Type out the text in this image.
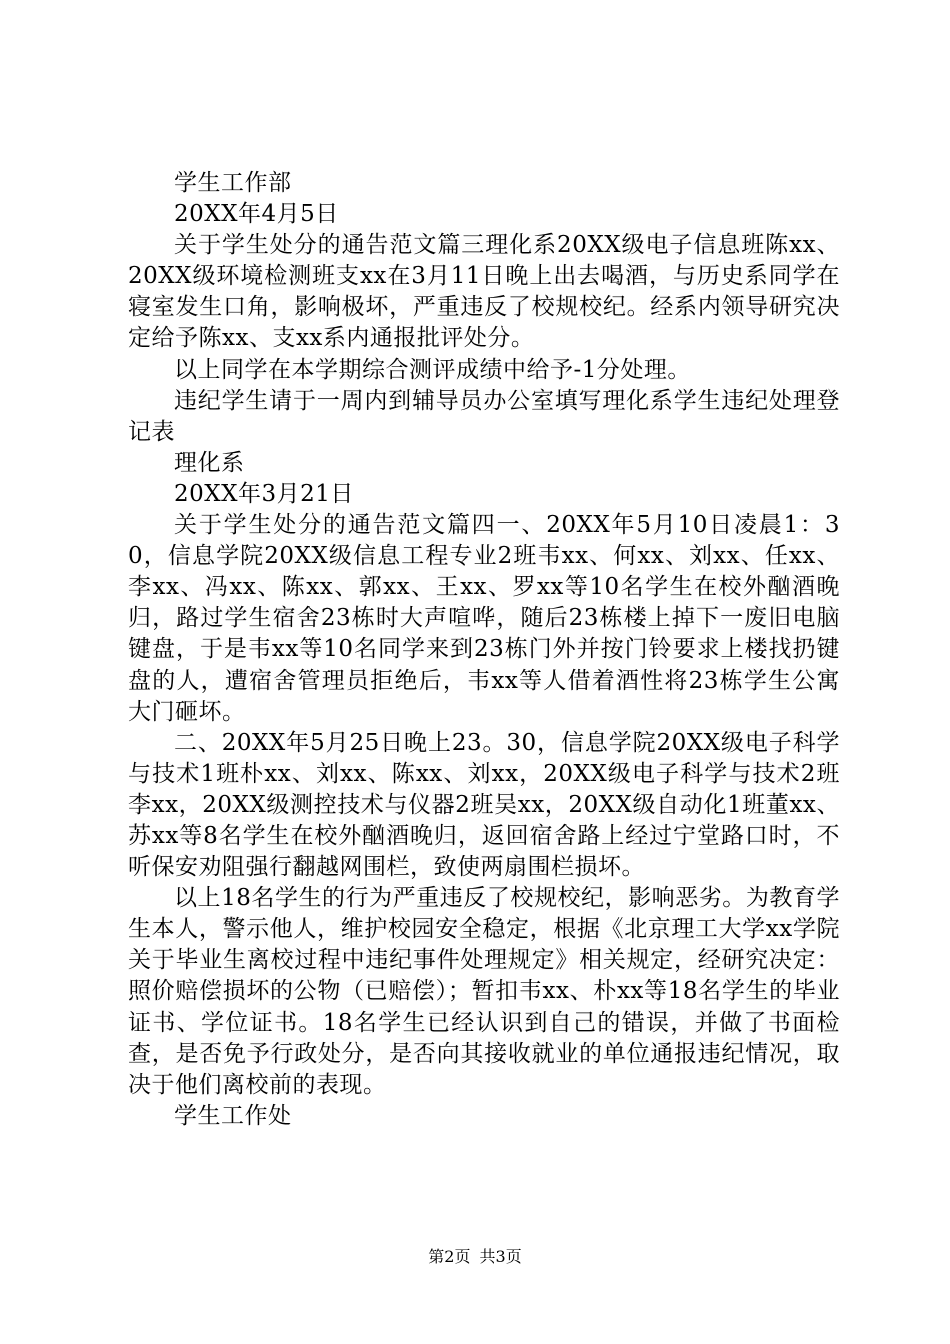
学生工作部

20XX年4月5日

关于学生处分的通告范文篇三理化系20XX级电子信息班陈xx、20XX级环境检测班支xx在3月11日晚上出去喝酒，与历史系同学在寝室发生口角，影响极坏，严重违反了校规校纪。经系内领导研究决定给予陈xx、支xx系内通报批评处分。

以上同学在本学期综合测评成绩中给予-1分处理。

违纪学生请于一周内到辅导员办公室填写理化系学生违纪处理登记表

理化系

20XX年3月21日

关于学生处分的通告范文篇四一、20XX年5月10日凌晨1：30，信息学院20XX级信息工程专业2班韦xx、何xx、刘xx、任xx、李xx、冯xx、陈xx、郭xx、王xx、罗xx等10名学生在校外酗酒晚归，路过学生宿舍23栋时大声喧哗，随后23栋楼上掉下一废旧电脑键盘，于是韦xx等10名同学来到23栋门外并按门铃要求上楼找扔键盘的人，遭宿舍管理员拒绝后，韦xx等人借着酒性将23栋学生公寓大门砸坏。

二、20XX年5月25日晚上23。30，信息学院20XX级电子科学与技术1班朴xx、刘xx、陈xx、刘xx，20XX级电子科学与技术2班李xx，20XX级测控技术与仪器2班吴xx，20XX级自动化1班董xx、苏xx等8名学生在校外酗酒晚归，返回宿舍路上经过宁堂路口时，不听保安劝阻强行翻越网围栏，致使两扇围栏损坏。

以上18名学生的行为严重违反了校规校纪，影响恶劣。为教育学生本人，警示他人，维护校园安全稳定，根据《北京理工大学xx学院关于毕业生离校过程中违纪事件处理规定》相关规定，经研究决定：照价赔偿损坏的公物（已赔偿）；暂扣韦xx、朴xx等18名学生的毕业证书、学位证书。18名学生已经认识到自己的错误，并做了书面检查，是否免予行政处分，是否向其接收就业的单位通报违纪情况，取决于他们离校前的表现。

学生工作处

第2页 共3页
